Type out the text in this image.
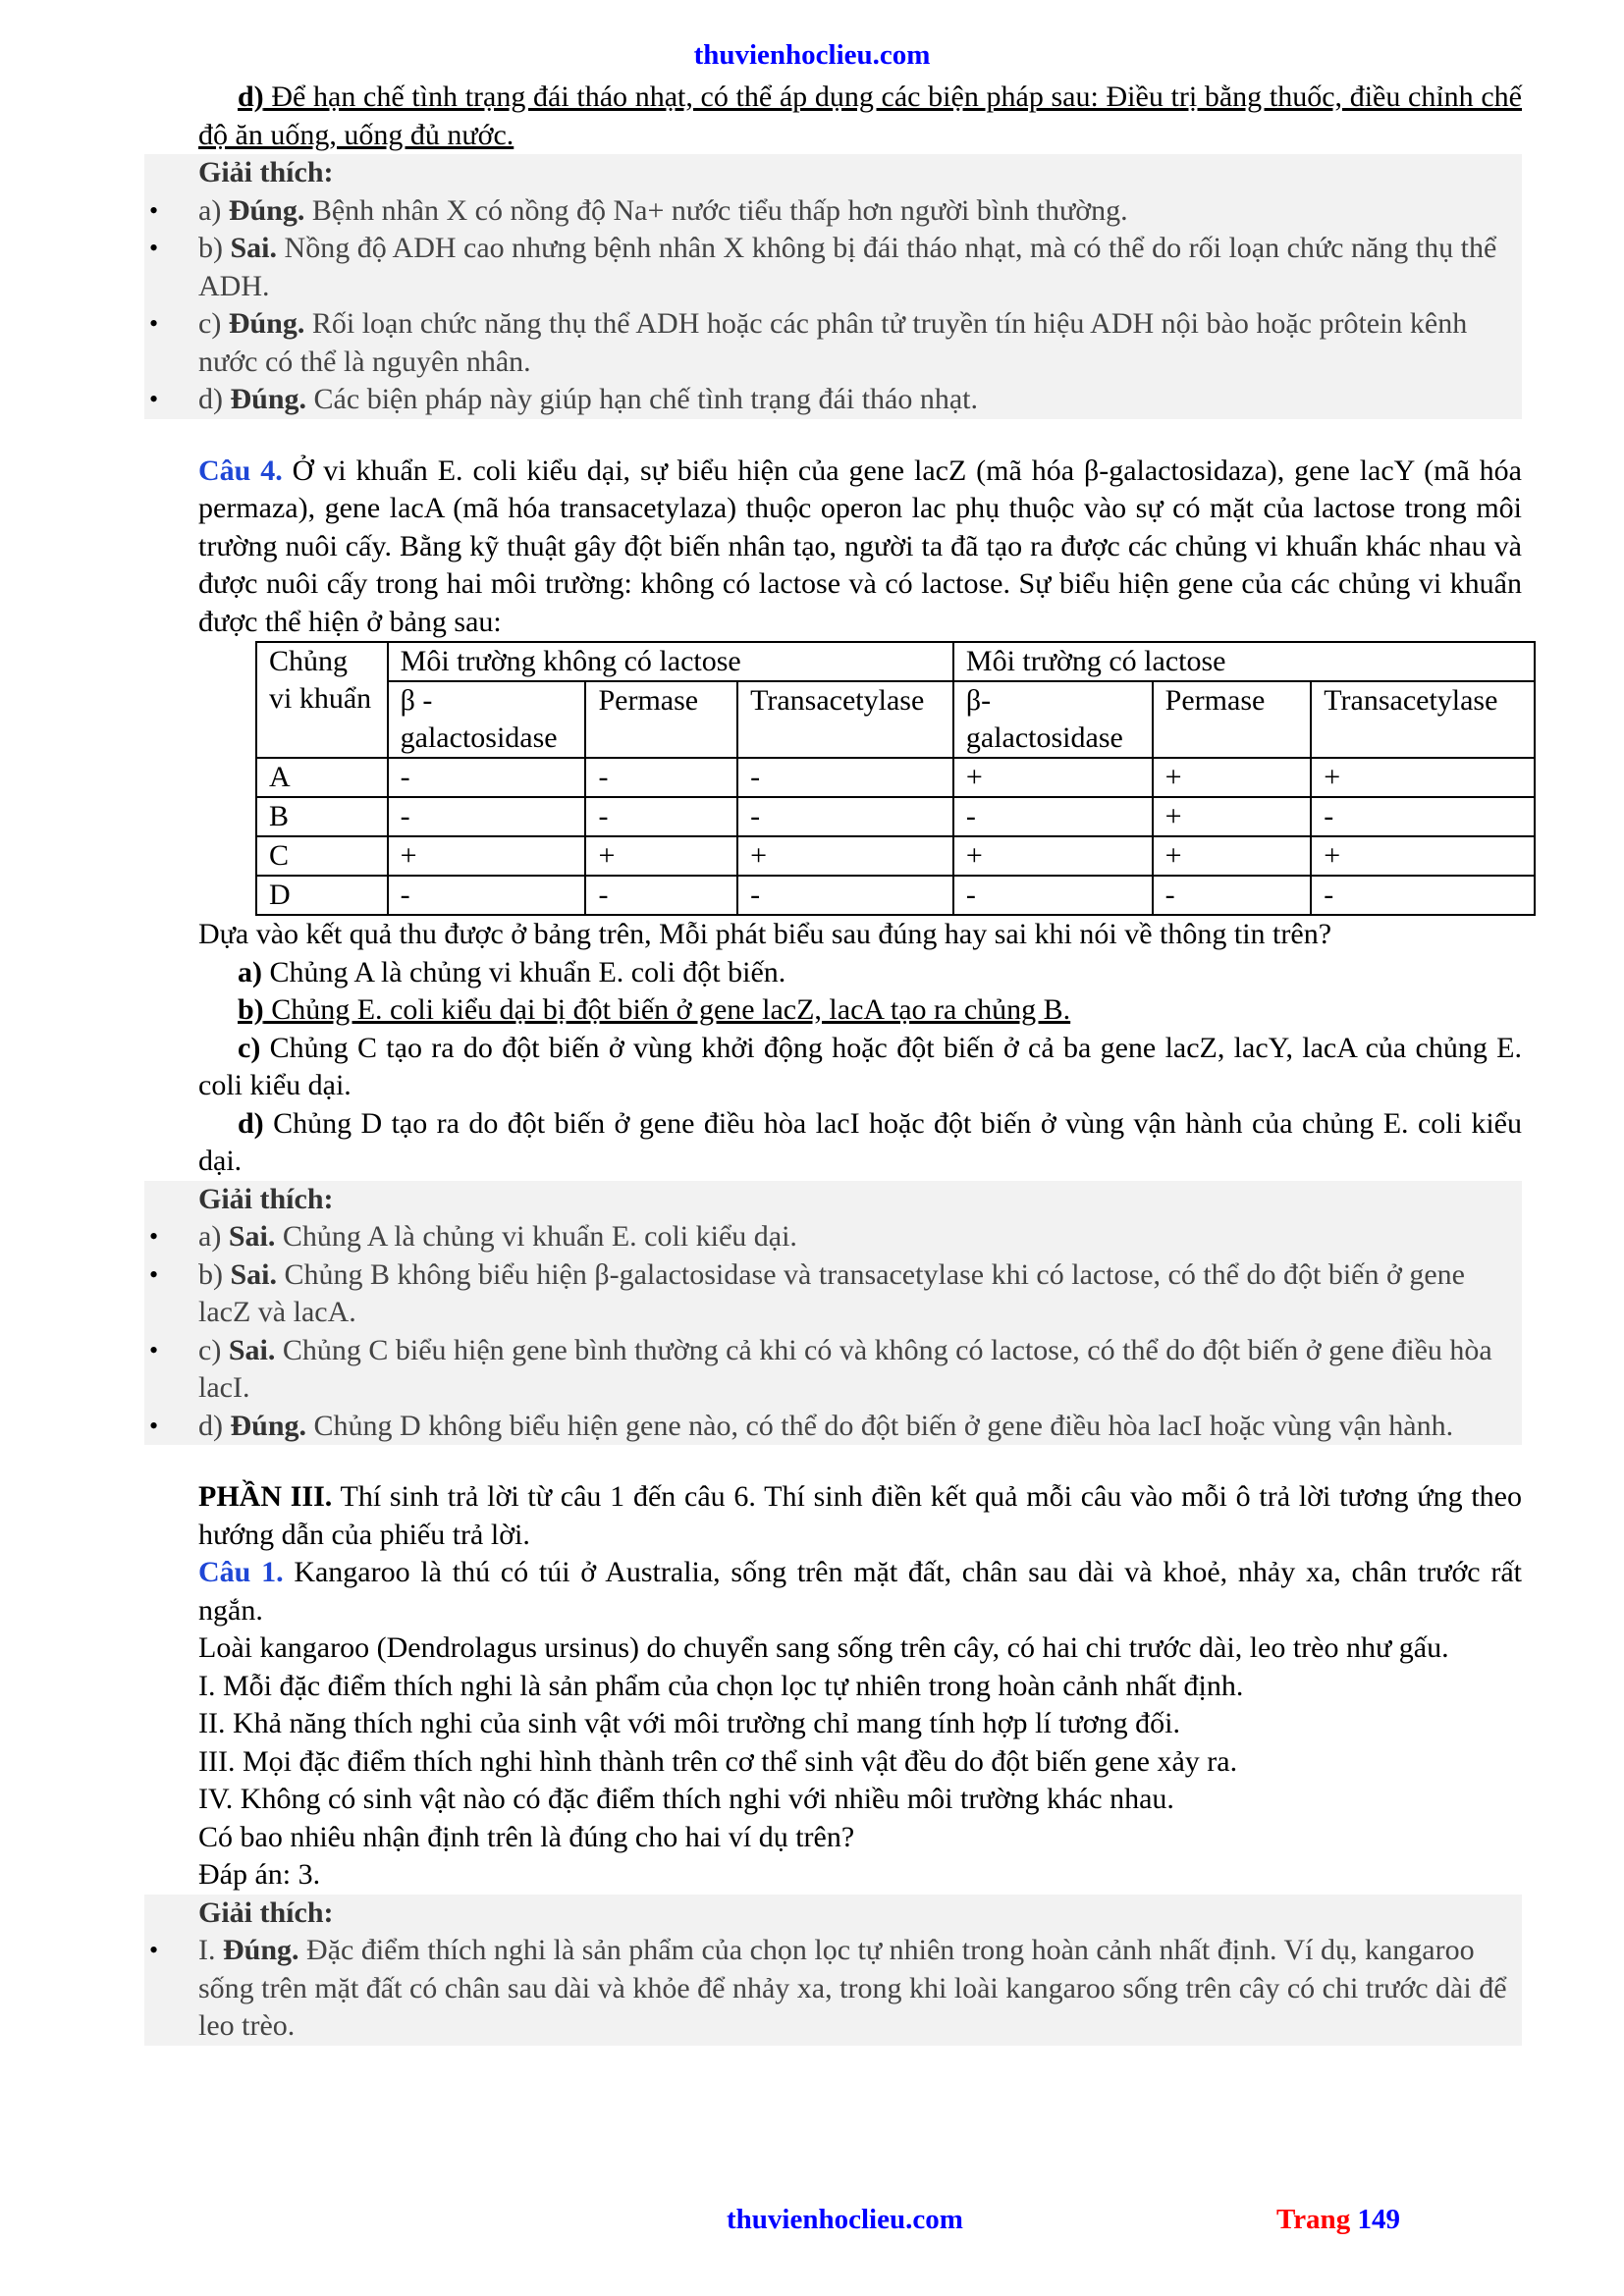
thuvienhoclieu.com

d) Để hạn chế tình trạng đái tháo nhạt, có thể áp dụng các biện pháp sau: Điều trị bằng thuốc, điều chỉnh chế độ ăn uống, uống đủ nước.

Giải thích:

• a) Đúng. Bệnh nhân X có nồng độ Na+ nước tiểu thấp hơn người bình thường.

• b) Sai. Nồng độ ADH cao nhưng bệnh nhân X không bị đái tháo nhạt, mà có thể do rối loạn chức năng thụ thể ADH.

• c) Đúng. Rối loạn chức năng thụ thể ADH hoặc các phân tử truyền tín hiệu ADH nội bào hoặc prôtein kênh nước có thể là nguyên nhân.

• d) Đúng. Các biện pháp này giúp hạn chế tình trạng đái tháo nhạt.

Câu 4. Ở vi khuẩn E. coli kiểu dại, sự biểu hiện của gene lacZ (mã hóa β-galactosidaza), gene lacY (mã hóa permaza), gene lacA (mã hóa transacetylaza) thuộc operon lac phụ thuộc vào sự có mặt của lactose trong môi trường nuôi cấy. Bằng kỹ thuật gây đột biến nhân tạo, người ta đã tạo ra được các chủng vi khuẩn khác nhau và được nuôi cấy trong hai môi trường: không có lactose và có lactose. Sự biểu hiện gene của các chủng vi khuẩn được thể hiện ở bảng sau:

Chủng vi khuẩn	Môi trường không có lactose			Môi trường có lactose		
	β - galactosidase	Permase	Transacetylase	β-galactosidase	Permase	Transacetylase
A	-	-	-	+	+	+
B	-	-	-	-	+	-
C	+	+	+	+	+	+
D	-	-	-	-	-	-

Dựa vào kết quả thu được ở bảng trên, Mỗi phát biểu sau đúng hay sai khi nói về thông tin trên?

a) Chủng A là chủng vi khuẩn E. coli đột biến.

b) Chủng E. coli kiểu dại bị đột biến ở gene lacZ, lacA tạo ra chủng B.

c) Chủng C tạo ra do đột biến ở vùng khởi động hoặc đột biến ở cả ba gene lacZ, lacY, lacA của chủng E. coli kiểu dại.

d) Chủng D tạo ra do đột biến ở gene điều hòa lacI hoặc đột biến ở vùng vận hành của chủng E. coli kiểu dại.

Giải thích:

• a) Sai. Chủng A là chủng vi khuẩn E. coli kiểu dại.

• b) Sai. Chủng B không biểu hiện β-galactosidase và transacetylase khi có lactose, có thể do đột biến ở gene lacZ và lacA.

• c) Sai. Chủng C biểu hiện gene bình thường cả khi có và không có lactose, có thể do đột biến ở gene điều hòa lacI.

• d) Đúng. Chủng D không biểu hiện gene nào, có thể do đột biến ở gene điều hòa lacI hoặc vùng vận hành.

PHẦN III. Thí sinh trả lời từ câu 1 đến câu 6. Thí sinh điền kết quả mỗi câu vào mỗi ô trả lời tương ứng theo hướng dẫn của phiếu trả lời.

Câu 1. Kangaroo là thú có túi ở Australia, sống trên mặt đất, chân sau dài và khoẻ, nhảy xa, chân trước rất ngắn.

Loài kangaroo (Dendrolagus ursinus) do chuyển sang sống trên cây, có hai chi trước dài, leo trèo như gấu.

I. Mỗi đặc điểm thích nghi là sản phẩm của chọn lọc tự nhiên trong hoàn cảnh nhất định.

II. Khả năng thích nghi của sinh vật với môi trường chỉ mang tính hợp lí tương đối.

III. Mọi đặc điểm thích nghi hình thành trên cơ thể sinh vật đều do đột biến gene xảy ra.

IV. Không có sinh vật nào có đặc điểm thích nghi với nhiều môi trường khác nhau.

Có bao nhiêu nhận định trên là đúng cho hai ví dụ trên?

Đáp án: 3.

Giải thích:

• I. Đúng. Đặc điểm thích nghi là sản phẩm của chọn lọc tự nhiên trong hoàn cảnh nhất định. Ví dụ, kangaroo sống trên mặt đất có chân sau dài và khỏe để nhảy xa, trong khi loài kangaroo sống trên cây có chi trước dài để leo trèo.

thuvienhoclieu.com	Trang 149
